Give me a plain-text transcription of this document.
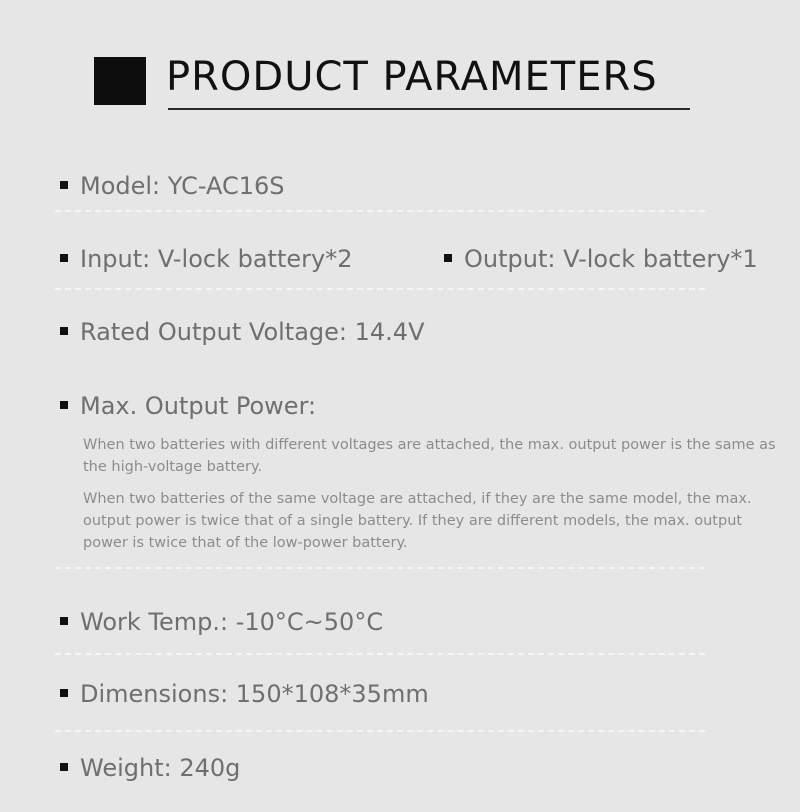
PRODUCT PARAMETERS
Model: YC-AC16S
Input: V-lock battery*2	Output: V-lock battery*1
Rated Output Voltage: 14.4V
Max. Output Power:
When two batteries with different voltages are attached, the max. output power is the same as the high-voltage battery.
When two batteries of the same voltage are attached, if they are the same model, the max. output power is twice that of a single battery. If they are different models, the max. output power is twice that of the low-power battery.
Work Temp.: -10°C~50°C
Dimensions: 150*108*35mm
Weight: 240g
